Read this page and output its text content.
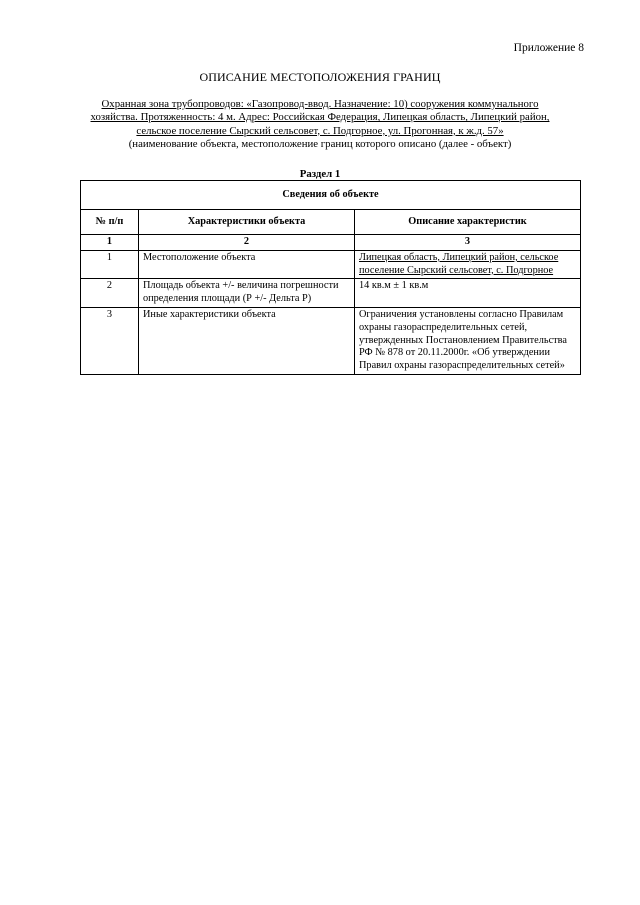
Приложение 8
ОПИСАНИЕ МЕСТОПОЛОЖЕНИЯ ГРАНИЦ
Охранная зона трубопроводов: «Газопровод-ввод. Назначение: 10) сооружения коммунального
хозяйства. Протяженность: 4 м. Адрес: Российская Федерация, Липецкая область, Липецкий район,
сельское поселение Сырский сельсовет, с. Подгорное, ул. Прогонная, к ж.д. 57»
(наименование объекта, местоположение границ которого описано (далее - объект)
Раздел 1
Сведения об объекте		
№ п/п	Характеристики объекта	Описание характеристик
1	2	3
1	Местоположение объекта	Липецкая область, Липецкий район, сельское поселение Сырский сельсовет, с. Подгорное
2	Площадь объекта +/- величина погрешности определения площади (Р +/- Дельта Р)	14 кв.м ± 1 кв.м
3	Иные характеристики объекта	Ограничения установлены согласно Правилам охраны газораспределительных сетей, утвержденных Постановлением Правительства РФ № 878 от 20.11.2000г. «Об утверждении Правил охраны газораспределительных сетей»
